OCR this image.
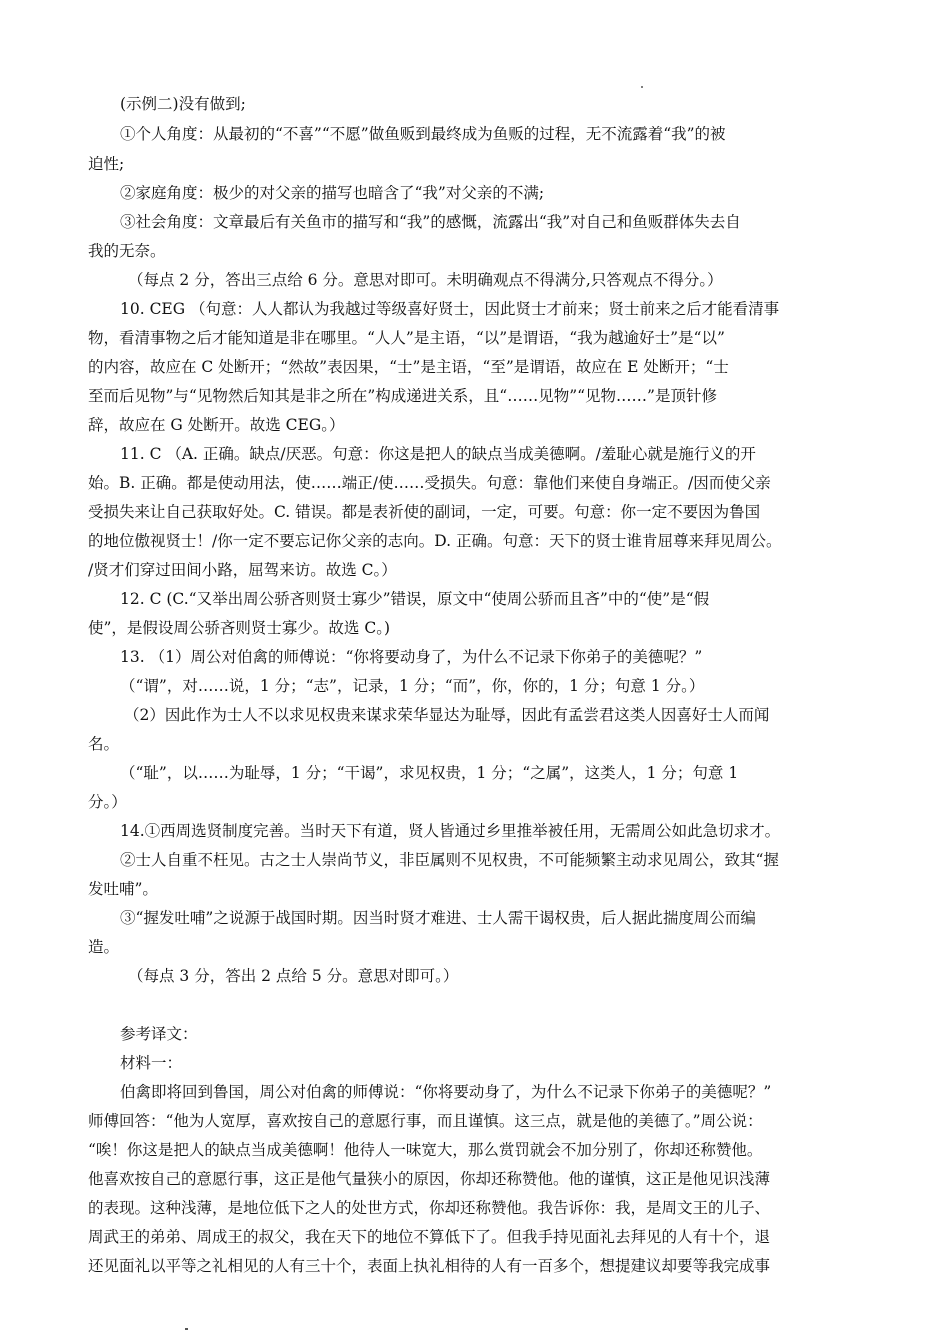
(示例二)没有做到;
①个人角度：从最初的“不喜”“不愿”做鱼贩到最终成为鱼贩的过程，无不流露着“我”的被
迫性;
②家庭角度：极少的对父亲的描写也暗含了“我”对父亲的不满;
③社会角度：文章最后有关鱼市的描写和“我”的感慨，流露出“我”对自己和鱼贩群体失去自
我的无奈。
（每点 2 分，答出三点给 6 分。意思对即可。未明确观点不得满分,只答观点不得分。）
10. CEG （句意：人人都认为我越过等级喜好贤士，因此贤士才前来；贤士前来之后才能看清事
物，看清事物之后才能知道是非在哪里。“人人”是主语，“以”是谓语，“我为越逾好士”是“以”
的内容，故应在 C 处断开；“然故”表因果，“士”是主语，“至”是谓语，故应在 E 处断开；“士
至而后见物”与“见物然后知其是非之所在”构成递进关系，且“……见物”“见物……”是顶针修
辞，故应在 G 处断开。故选 CEG。）
11. C （A. 正确。缺点/厌恶。句意：你这是把人的缺点当成美德啊。/羞耻心就是施行义的开
始。B. 正确。都是使动用法，使……端正/使……受损失。句意：靠他们来使自身端正。/因而使父亲
受损失来让自己获取好处。C. 错误。都是表祈使的副词，一定，可要。句意：你一定不要因为鲁国
的地位傲视贤士！/你一定不要忘记你父亲的志向。D. 正确。句意：天下的贤士谁肯屈尊来拜见周公。
/贤才们穿过田间小路，屈驾来访。故选 C。）
12. C (C.“又举出周公骄吝则贤士寡少”错误，原文中“使周公骄而且吝”中的“使”是“假
使”，是假设周公骄吝则贤士寡少。故选 C。)
13. （1）周公对伯禽的师傅说：“你将要动身了，为什么不记录下你弟子的美德呢？”
（“谓”，对……说，1 分；“志”，记录，1 分；“而”，你，你的，1 分；句意 1 分。）
（2）因此作为士人不以求见权贵来谋求荣华显达为耻辱，因此有孟尝君这类人因喜好士人而闻
名。
（“耻”，以……为耻辱，1 分；“干谒”，求见权贵，1 分；“之属”，这类人，1 分；句意 1
分。）
14.①西周选贤制度完善。当时天下有道，贤人皆通过乡里推举被任用，无需周公如此急切求才。
②士人自重不枉见。古之士人崇尚节义，非臣属则不见权贵，不可能频繁主动求见周公，致其“握
发吐哺”。
③“握发吐哺”之说源于战国时期。因当时贤才难进、士人需干谒权贵，后人据此揣度周公而编
造。
（每点 3 分，答出 2 点给 5 分。意思对即可。）
参考译文：
材料一：
伯禽即将回到鲁国，周公对伯禽的师傅说：“你将要动身了，为什么不记录下你弟子的美德呢？”
师傅回答：“他为人宽厚，喜欢按自己的意愿行事，而且谨慎。这三点，就是他的美德了。”周公说：
“唉！你这是把人的缺点当成美德啊！他待人一味宽大，那么赏罚就会不加分别了，你却还称赞他。
他喜欢按自己的意愿行事，这正是他气量狭小的原因，你却还称赞他。他的谨慎，这正是他见识浅薄
的表现。这种浅薄，是地位低下之人的处世方式，你却还称赞他。我告诉你：我，是周文王的儿子、
周武王的弟弟、周成王的叔父，我在天下的地位不算低下了。但我手持见面礼去拜见的人有十个，退
还见面礼以平等之礼相见的人有三十个，表面上执礼相待的人有一百多个，想提建议却要等我完成事
